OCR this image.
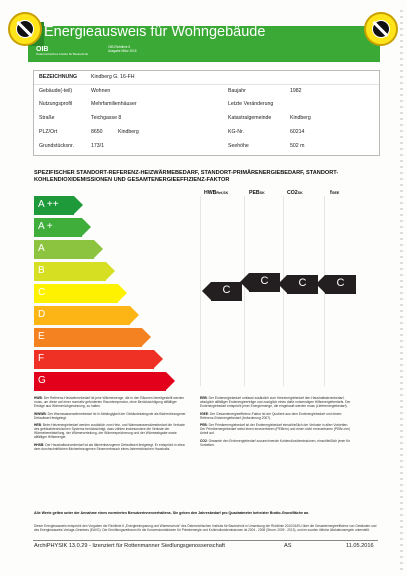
Energieausweis für Wohngebäude
OIB
Österreichisches Institut für Bautechnik
OIB-Richtlinie 6
Ausgabe März 2015
BEZEICHNUNG	Kindberg G. 16-FH
Gebäude(-teil)	Wohnen	Baujahr	1982
Nutzungsprofil	Mehrfamilienhäuser	Letzte Veränderung
Straße	Teichgasse 8	Katastralgemeinde	Kindberg
PLZ/Ort	8650	Kindberg	KG-Nr.	60214
Grundstücksnr.	173/1	Seehöhe	502 m
SPEZIFISCHER STANDORT-REFERENZ-HEIZWÄRMEBEDARF, STANDORT-PRIMÄRENERGIEBEDARF, STANDORT-KOHLENDIOXIDEMISSIONEN UND GESAMTENERGIEEFFIZIENZ-FAKTOR
HWBRef,SK	PEBSK	CO2SK	fGEE
A ++
A +
A
B
C
D
E
F
G
C
C	C	C

HWB: Der Referenz-Heizwärmebedarf ist jene Wärmemenge, die in den Räumen bereitgestellt werden muss, um diese auf einer normativ geforderten Raumtemperatur, ohne Berücksichtigung allfälliger Erträge aus Wärmerückgewinnung, zu halten.

WWWB: Der Warmwasserwärmebedarf ist in Abhängigkeit der Gebäudekategorie als flächenbezogener Defaultwert festgelegt.

HEB: Beim Heizenergiebedarf werden zusätzlich zum Heiz- und Warmwasserwärmebedarf die Verluste des gebäudetechnischen Systems berücksichtigt, dazu zählen insbesondere die Verluste der Wärmebereitstellung, der Wärmeverteilung, der Wärmespeicherung und der Wärmeabgabe sowie allfälliger Hilfsenergie.

HHSB: Der Haushaltsstrombedarf ist als flächenbezogener Defaultwert festgelegt. Er entspricht in etwa dem durchschnittlichen flächenbezogenen Stromverbrauch eines österreichischen Haushalts.

EEB: Der Endenergiebedarf umfasst zusätzlich zum Heizenergiebedarf den Haushaltsstrombedarf, abzüglich allfälliger Endenergieerträge und zuzüglich eines dafür notwendigen Hilfsenergiebedarfs. Der Endenergiebedarf entspricht jener Energiemenge, die eingekauft werden muss (Lieferenergiebedarf).

fGEE: Der Gesamtenergieeffizienz-Faktor ist der Quotient aus dem Endenergiebedarf und einem Referenz-Endenergiebedarf (Anforderung 2007).

PEB: Der Primärenergiebedarf ist der Endenergiebedarf einschließlich der Verluste in allen Vorketten. Der Primärenergiebedarf weist einen erneuerbaren (PEBern) und einen nicht erneuerbaren (PEBn.ern) Anteil auf.

CO2: Gesamte den Endenergiebedarf zuzurechnende Kohlendioxidemissionen, einschließlich jener für Vorketten.

Alle Werte gelten unter der Annahme eines normierten Benutzerinnenverhaltens. Sie geben den Jahresbedarf pro Quadratmeter beheizter Brutto-Grundfläche an.
Dieser Energieausweis entspricht den Vorgaben der Richtlinie 6 „Energieeinsparung und Wärmeschutz“ des Österreichischen Instituts für Bautechnik in Umsetzung der Richtlinie 2010/31/EU über die Gesamtenergieeffizienz von Gebäuden und des Energieausweis-Vorlage-Gesetzes (EAVG). Der Ermittlungszeitraum für die Konversionsfaktoren für Primärenergie und Kohlendioxidemissionen ist 2004 - 2008 (Strom: 2009 - 2013), und es wurden übliche Allokationsregeln unterstellt.
ArchiPHYSIK 13.0.29 - lizenziert für Rottenmanner Siedlungsgenossenschaft	AS	11.05.2016
